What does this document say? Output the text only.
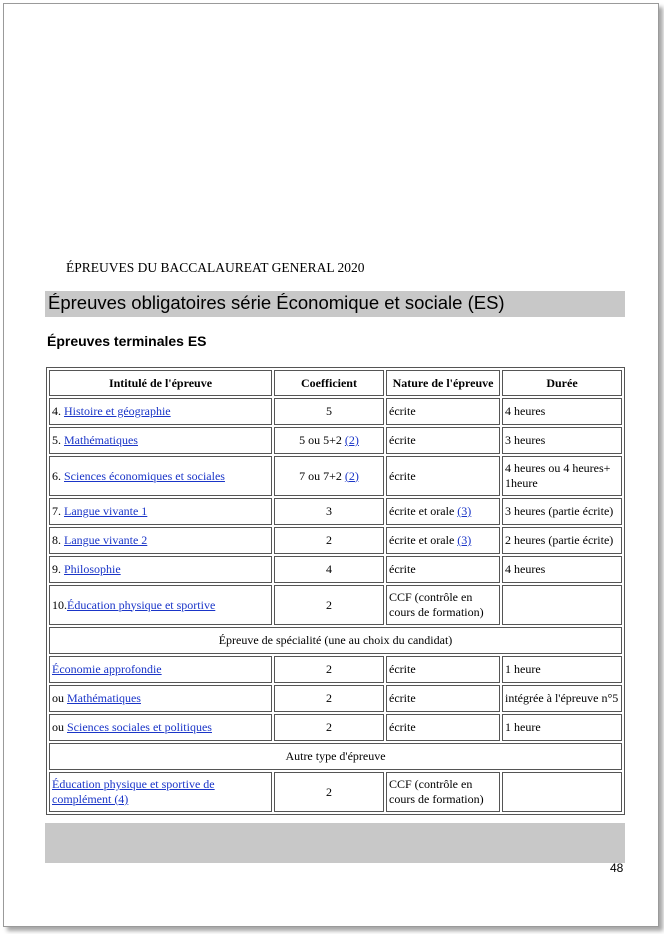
ÉPREUVES DU BACCALAUREAT GENERAL 2020
Épreuves obligatoires série Économique et sociale (ES)
Épreuves terminales ES
Intitulé de l'épreuve	Coefficient	Nature de l'épreuve	Durée
4. Histoire et géographie	5	écrite	4 heures
5. Mathématiques	5 ou 5+2 (2)	écrite	3 heures
6. Sciences économiques et sociales	7 ou 7+2 (2)	écrite	4 heures ou 4 heures+ 1heure
7. Langue vivante 1	3	écrite et orale (3)	3 heures (partie écrite)
8. Langue vivante 2	2	écrite et orale (3)	2 heures (partie écrite)
9. Philosophie	4	écrite	4 heures
10.Éducation physique et sportive	2	CCF (contrôle en cours de formation)	
Épreuve de spécialité (une au choix du candidat)			
Économie approfondie	2	écrite	1 heure
ou Mathématiques	2	écrite	intégrée à l'épreuve n°5
ou Sciences sociales et politiques	2	écrite	1 heure
Autre type d'épreuve			
Éducation physique et sportive de complément (4)	2	CCF (contrôle en cours de formation)	
48
